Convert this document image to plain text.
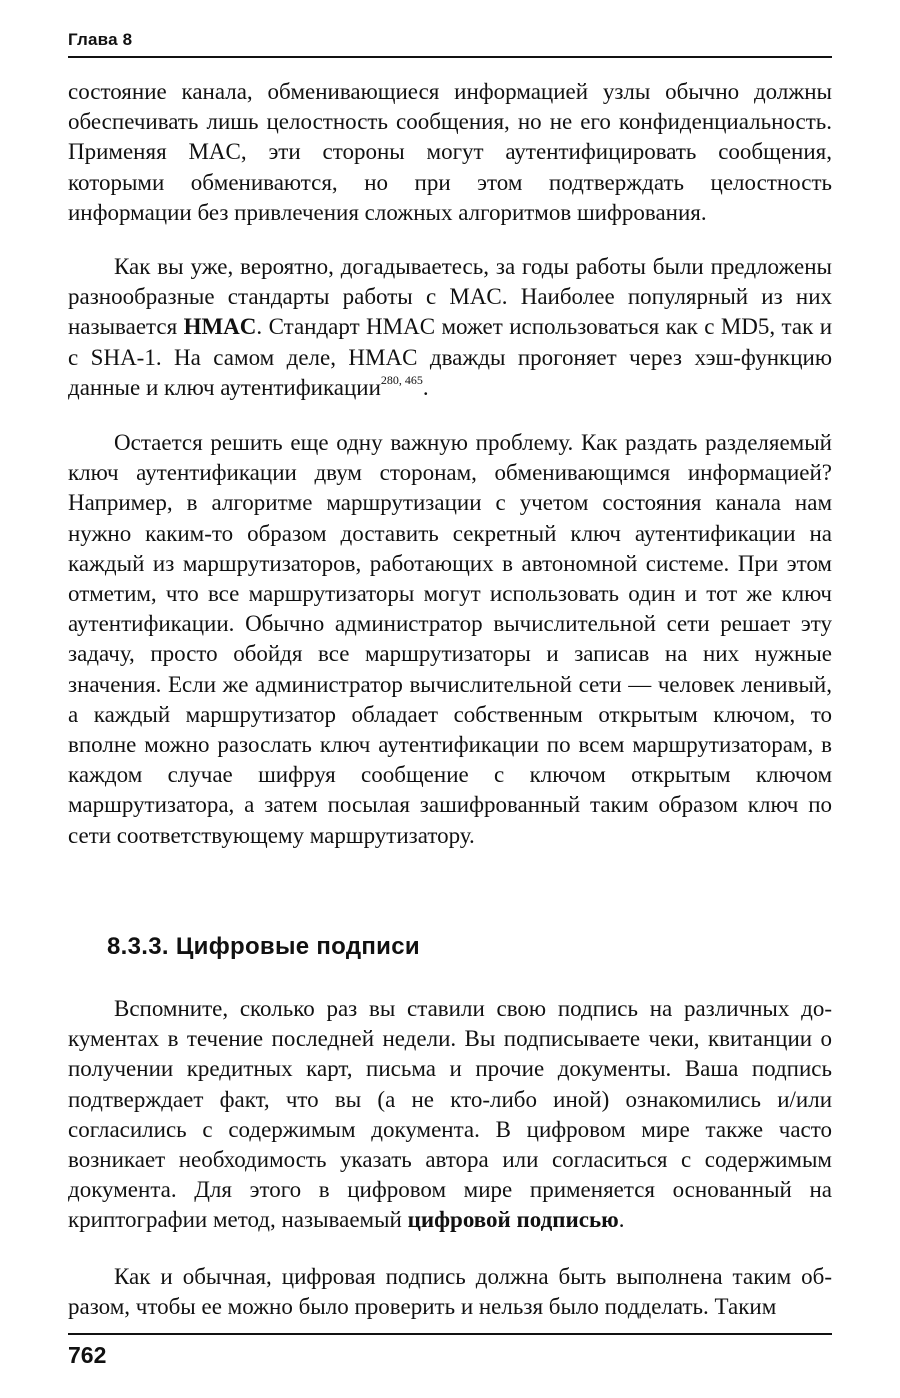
Глава 8

состояние канала, обменивающиеся информацией узлы обычно должны обеспечивать лишь целостность сообщения, но не его конфиденциальность. Применяя MAC, эти стороны могут аутентифицировать сообщения, которыми обмениваются, но при этом подтверждать целостность информации без привлечения сложных алгоритмов шифрования.

Как вы уже, вероятно, догадываетесь, за годы работы были предложены разнообразные стандарты работы с MAC. Наиболее популярный из них называется HMAC. Стандарт HMAC может использоваться как с MD5, так и с SHA-1. На самом деле, HMAC дважды прогоняет через хэш-функцию данные и ключ аутентификации$^{280, 465}$.

Остается решить еще одну важную проблему. Как раздать разделяемый ключ аутентификации двум сторонам, обменивающимся информацией? Например, в алгоритме маршрутизации с учетом состояния канала нам нужно каким-то образом доставить секретный ключ аутентификации на каждый из маршрутизаторов, работающих в автономной системе. При этом отметим, что все маршрутизаторы могут использовать один и тот же ключ аутентификации. Обычно администратор вычислительной сети решает эту задачу, просто обойдя все маршрутизаторы и записав на них нужные значения. Если же администратор вычислительной сети — человек ленивый, а каждый маршрутизатор обладает собственным открытым ключом, то вполне можно разослать ключ аутентификации по всем маршрутизаторам, в каждом случае шифруя сообщение с ключом открытым ключом маршрутизатора, а затем посылая зашифрованный таким образом ключ по сети соответствующему маршрутизатору.

8.3.3. Цифровые подписи

Вспомните, сколько раз вы ставили свою подпись на различных документах в течение последней недели. Вы подписываете чеки, квитанции о получении кредитных карт, письма и прочие документы. Ваша подпись подтверждает факт, что вы (а не кто-либо иной) ознакомились и/или согласились с содержимым документа. В цифровом мире также часто возникает необходимость указать автора или согласиться с содержимым документа. Для этого в цифровом мире применяется основанный на криптографии метод, называемый цифровой подписью.

Как и обычная, цифровая подпись должна быть выполнена таким образом, чтобы ее можно было проверить и нельзя было подделать. Таким

762
